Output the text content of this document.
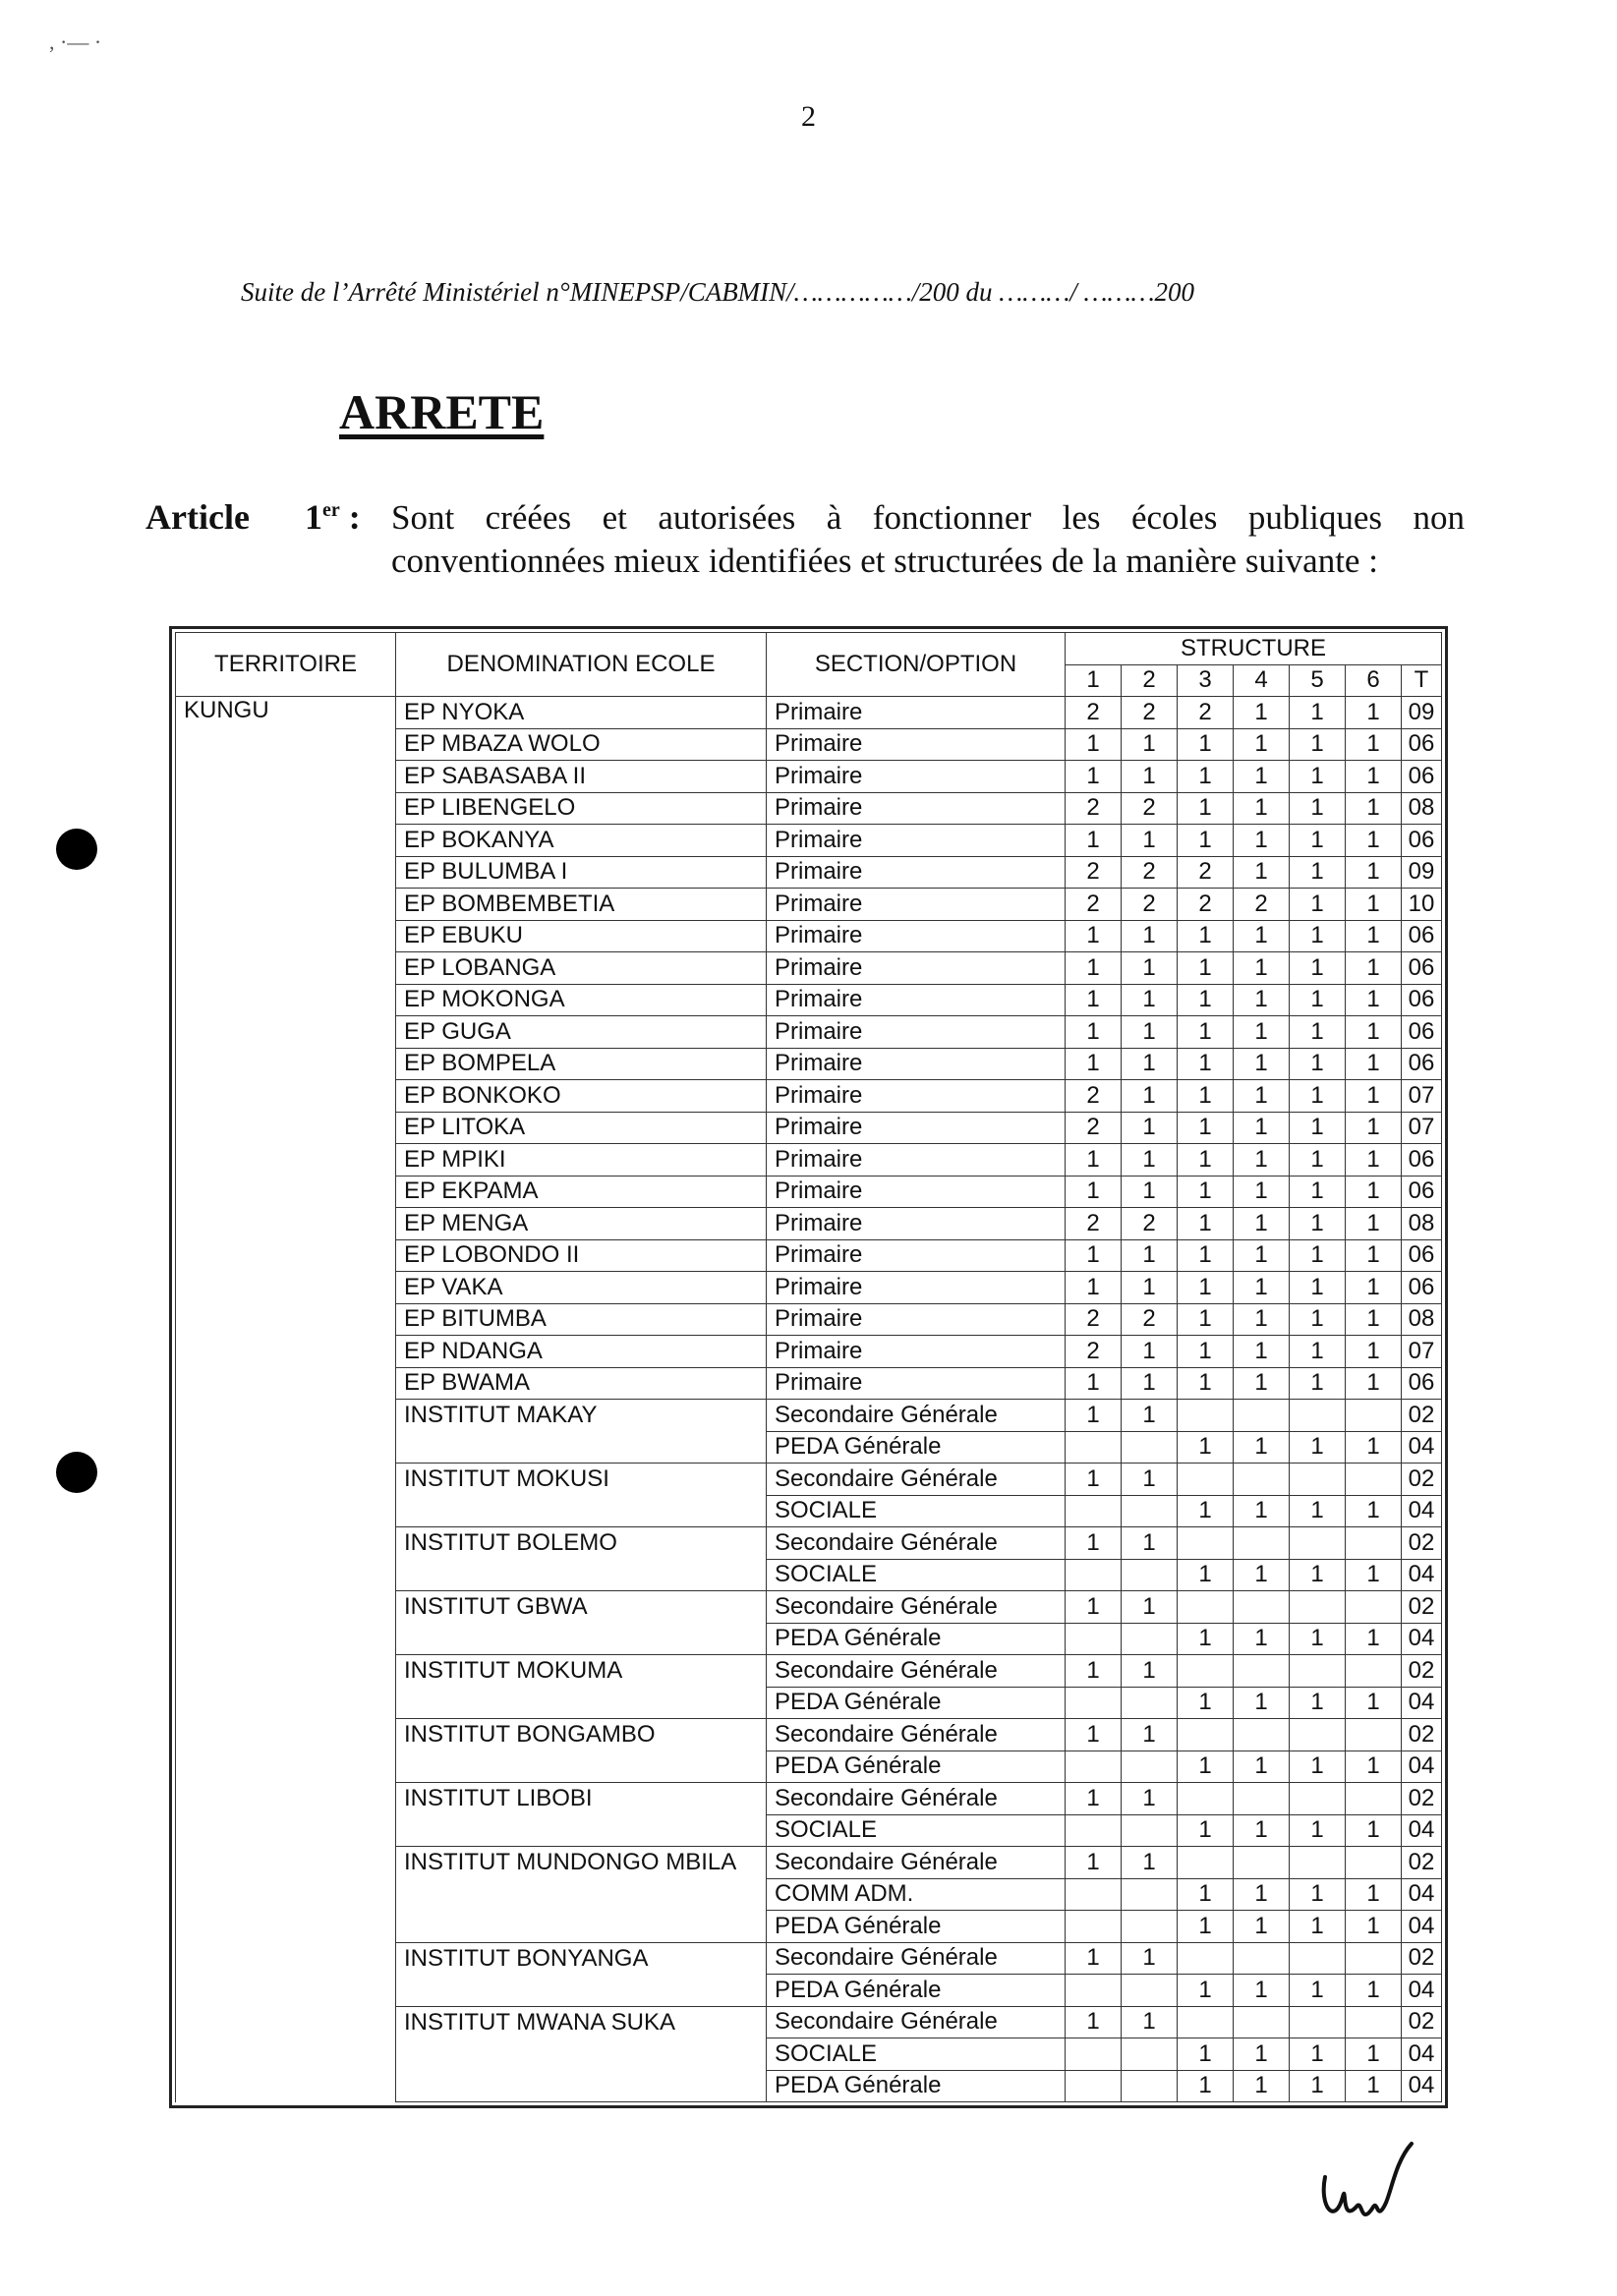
, ·— ·
2
Suite de l’Arrêté Ministériel n°MINEPSP/CABMIN/……………/200 du ………/ ………200
ARRETE
Article 1er : Sont créées et autorisées à fonctionner les écoles publiques non conventionnées mieux identifiées et structurées de la manière suivante :
TERRITOIRE	DENOMINATION ECOLE	SECTION/OPTION	STRUCTURE						
			1	2	3	4	5	6	T
KUNGU	EP NYOKA	Primaire	2	2	2	1	1	1	09
	EP MBAZA WOLO	Primaire	1	1	1	1	1	1	06
	EP SABASABA II	Primaire	1	1	1	1	1	1	06
	EP LIBENGELO	Primaire	2	2	1	1	1	1	08
	EP BOKANYA	Primaire	1	1	1	1	1	1	06
	EP BULUMBA I	Primaire	2	2	2	1	1	1	09
	EP BOMBEMBETIA	Primaire	2	2	2	2	1	1	10
	EP EBUKU	Primaire	1	1	1	1	1	1	06
	EP LOBANGA	Primaire	1	1	1	1	1	1	06
	EP MOKONGA	Primaire	1	1	1	1	1	1	06
	EP GUGA	Primaire	1	1	1	1	1	1	06
	EP BOMPELA	Primaire	1	1	1	1	1	1	06
	EP BONKOKO	Primaire	2	1	1	1	1	1	07
	EP LITOKA	Primaire	2	1	1	1	1	1	07
	EP MPIKI	Primaire	1	1	1	1	1	1	06
	EP EKPAMA	Primaire	1	1	1	1	1	1	06
	EP MENGA	Primaire	2	2	1	1	1	1	08
	EP LOBONDO II	Primaire	1	1	1	1	1	1	06
	EP VAKA	Primaire	1	1	1	1	1	1	06
	EP BITUMBA	Primaire	2	2	1	1	1	1	08
	EP NDANGA	Primaire	2	1	1	1	1	1	07
	EP BWAMA	Primaire	1	1	1	1	1	1	06
	INSTITUT MAKAY	Secondaire Générale	1	1					02
		PEDA Générale			1	1	1	1	04
	INSTITUT MOKUSI	Secondaire Générale	1	1					02
		SOCIALE			1	1	1	1	04
	INSTITUT BOLEMO	Secondaire Générale	1	1					02
		SOCIALE			1	1	1	1	04
	INSTITUT GBWA	Secondaire Générale	1	1					02
		PEDA Générale			1	1	1	1	04
	INSTITUT MOKUMA	Secondaire Générale	1	1					02
		PEDA Générale			1	1	1	1	04
	INSTITUT BONGAMBO	Secondaire Générale	1	1					02
		PEDA Générale			1	1	1	1	04
	INSTITUT LIBOBI	Secondaire Générale	1	1					02
		SOCIALE			1	1	1	1	04
	INSTITUT MUNDONGO MBILA	Secondaire Générale	1	1					02
		COMM ADM.			1	1	1	1	04
		PEDA Générale			1	1	1	1	04
	INSTITUT BONYANGA	Secondaire Générale	1	1					02
		PEDA Générale			1	1	1	1	04
	INSTITUT MWANA SUKA	Secondaire Générale	1	1					02
		SOCIALE			1	1	1	1	04
		PEDA Générale			1	1	1	1	04
